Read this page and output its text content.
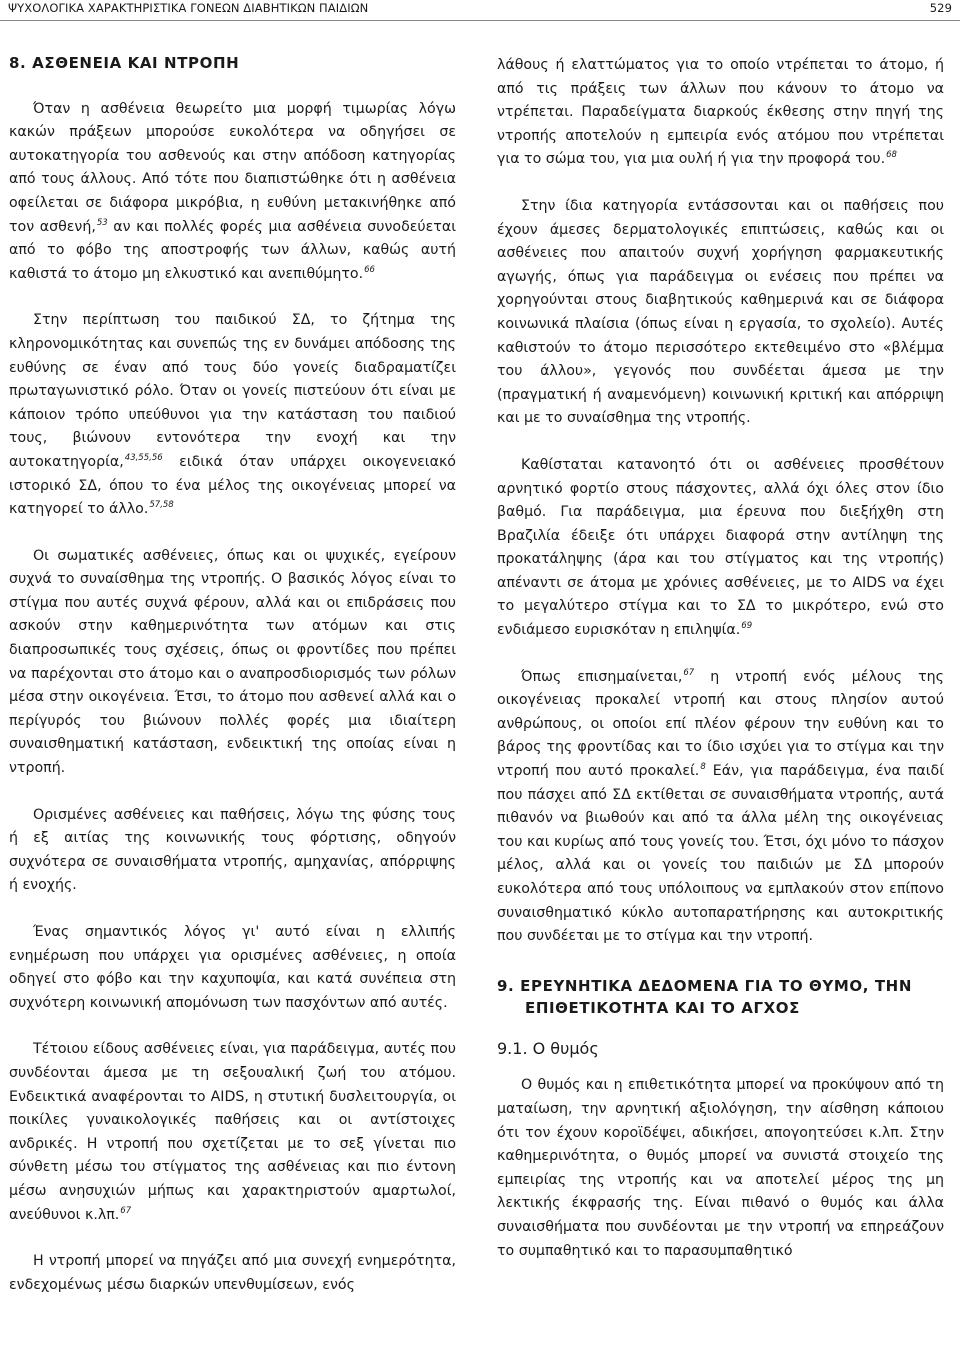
ΨΥΧΟΛΟΓΙΚΑ ΧΑΡΑΚΤΗΡΙΣΤΙΚΑ ΓΟΝΕΩΝ ΔΙΑΒΗΤΙΚΩΝ ΠΑΙΔΙΩΝ	529
8. ΑΣΘΕΝΕΙΑ ΚΑΙ ΝΤΡΟΠΗ

Όταν η ασθένεια θεωρείτο μια μορφή τιμωρίας λόγω κακών πράξεων μπορούσε ευκολότερα να οδηγήσει σε αυτοκατηγορία του ασθενούς και στην απόδοση κατηγορίας από τους άλλους. Από τότε που διαπιστώθηκε ότι η ασθένεια οφείλεται σε διάφορα μικρόβια, η ευθύνη μετακινήθηκε από τον ασθενή,$^{53}$ αν και πολλές φορές μια ασθένεια συνοδεύεται από το φόβο της αποστροφής των άλλων, καθώς αυτή καθιστά το άτομο μη ελκυστικό και ανεπιθύμητο.$^{66}$

Στην περίπτωση του παιδικού ΣΔ, το ζήτημα της κληρονομικότητας και συνεπώς της εν δυνάμει απόδοσης της ευθύνης σε έναν από τους δύο γονείς διαδραματίζει πρωταγωνιστικό ρόλο. Όταν οι γονείς πιστεύουν ότι είναι με κάποιον τρόπο υπεύθυνοι για την κατάσταση του παιδιού τους, βιώνουν εντονότερα την ενοχή και την αυτοκατηγορία,$^{43,55,56}$ ειδικά όταν υπάρχει οικογενειακό ιστορικό ΣΔ, όπου το ένα μέλος της οικογένειας μπορεί να κατηγορεί το άλλο.$^{57,58}$

Οι σωματικές ασθένειες, όπως και οι ψυχικές, εγείρουν συχνά το συναίσθημα της ντροπής. Ο βασικός λόγος είναι το στίγμα που αυτές συχνά φέρουν, αλλά και οι επιδράσεις που ασκούν στην καθημερινότητα των ατόμων και στις διαπροσωπικές τους σχέσεις, όπως οι φροντίδες που πρέπει να παρέχονται στο άτομο και ο αναπροσδιορισμός των ρόλων μέσα στην οικογένεια. Έτσι, το άτομο που ασθενεί αλλά και ο περίγυρός του βιώνουν πολλές φορές μια ιδιαίτερη συναισθηματική κατάσταση, ενδεικτική της οποίας είναι η ντροπή.

Ορισμένες ασθένειες και παθήσεις, λόγω της φύσης τους ή εξ αιτίας της κοινωνικής τους φόρτισης, οδηγούν συχνότερα σε συναισθήματα ντροπής, αμηχανίας, απόρριψης ή ενοχής.

Ένας σημαντικός λόγος γι' αυτό είναι η ελλιπής ενημέρωση που υπάρχει για ορισμένες ασθένειες, η οποία οδηγεί στο φόβο και την καχυποψία, και κατά συνέπεια στη συχνότερη κοινωνική απομόνωση των πασχόντων από αυτές.

Τέτοιου είδους ασθένειες είναι, για παράδειγμα, αυτές που συνδέονται άμεσα με τη σεξουαλική ζωή του ατόμου. Ενδεικτικά αναφέρονται το AIDS, η στυτική δυσλειτουργία, οι ποικίλες γυναικολογικές παθήσεις και οι αντίστοιχες ανδρικές. Η ντροπή που σχετίζεται με το σεξ γίνεται πιο σύνθετη μέσω του στίγματος της ασθένειας και πιο έντονη μέσω ανησυχιών μήπως και χαρακτηριστούν αμαρτωλοί, ανεύθυνοι κ.λπ.$^{67}$

Η ντροπή μπορεί να πηγάζει από μια συνεχή ενημερότητα, ενδεχομένως μέσω διαρκών υπενθυμίσεων, ενός

λάθους ή ελαττώματος για το οποίο ντρέπεται το άτομο, ή από τις πράξεις των άλλων που κάνουν το άτομο να ντρέπεται. Παραδείγματα διαρκούς έκθεσης στην πηγή της ντροπής αποτελούν η εμπειρία ενός ατόμου που ντρέπεται για το σώμα του, για μια ουλή ή για την προφορά του.$^{68}$

Στην ίδια κατηγορία εντάσσονται και οι παθήσεις που έχουν άμεσες δερματολογικές επιπτώσεις, καθώς και οι ασθένειες που απαιτούν συχνή χορήγηση φαρμακευτικής αγωγής, όπως για παράδειγμα οι ενέσεις που πρέπει να χορηγούνται στους διαβητικούς καθημερινά και σε διάφορα κοινωνικά πλαίσια (όπως είναι η εργασία, το σχολείο). Αυτές καθιστούν το άτομο περισσότερο εκτεθειμένο στο «βλέμμα του άλλου», γεγονός που συνδέεται άμεσα με την (πραγματική ή αναμενόμενη) κοινωνική κριτική και απόρριψη και με το συναίσθημα της ντροπής.

Καθίσταται κατανοητό ότι οι ασθένειες προσθέτουν αρνητικό φορτίο στους πάσχοντες, αλλά όχι όλες στον ίδιο βαθμό. Για παράδειγμα, μια έρευνα που διεξήχθη στη Βραζιλία έδειξε ότι υπάρχει διαφορά στην αντίληψη της προκατάληψης (άρα και του στίγματος και της ντροπής) απέναντι σε άτομα με χρόνιες ασθένειες, με το AIDS να έχει το μεγαλύτερο στίγμα και το ΣΔ το μικρότερο, ενώ στο ενδιάμεσο ευρισκόταν η επιληψία.$^{69}$

Όπως επισημαίνεται,$^{67}$ η ντροπή ενός μέλους της οικογένειας προκαλεί ντροπή και στους πλησίον αυτού ανθρώπους, οι οποίοι επί πλέον φέρουν την ευθύνη και το βάρος της φροντίδας και το ίδιο ισχύει για το στίγμα και την ντροπή που αυτό προκαλεί.$^8$ Εάν, για παράδειγμα, ένα παιδί που πάσχει από ΣΔ εκτίθεται σε συναισθήματα ντροπής, αυτά πιθανόν να βιωθούν και από τα άλλα μέλη της οικογένειας του και κυρίως από τους γονείς του. Έτσι, όχι μόνο το πάσχον μέλος, αλλά και οι γονείς του παιδιών με ΣΔ μπορούν ευκολότερα από τους υπόλοιπους να εμπλακούν στον επίπονο συναισθηματικό κύκλο αυτοπαρατήρησης και αυτοκριτικής που συνδέεται με το στίγμα και την ντροπή.

9. ΕΡΕΥΝΗΤΙΚΑ ΔΕΔΟΜΕΝΑ ΓΙΑ ΤΟ ΘΥΜΟ, ΤΗΝ ΕΠΙΘΕΤΙΚΟΤΗΤΑ ΚΑΙ ΤΟ ΑΓΧΟΣ
9.1. Ο θυμός

Ο θυμός και η επιθετικότητα μπορεί να προκύψουν από τη ματαίωση, την αρνητική αξιολόγηση, την αίσθηση κάποιου ότι τον έχουν κοροϊδέψει, αδικήσει, απογοητεύσει κ.λπ. Στην καθημερινότητα, ο θυμός μπορεί να συνιστά στοιχείο της εμπειρίας της ντροπής και να αποτελεί μέρος της μη λεκτικής έκφρασής της. Είναι πιθανό ο θυμός και άλλα συναισθήματα που συνδέονται με την ντροπή να επηρεάζουν το συμπαθητικό και το παρασυμπαθητικό
